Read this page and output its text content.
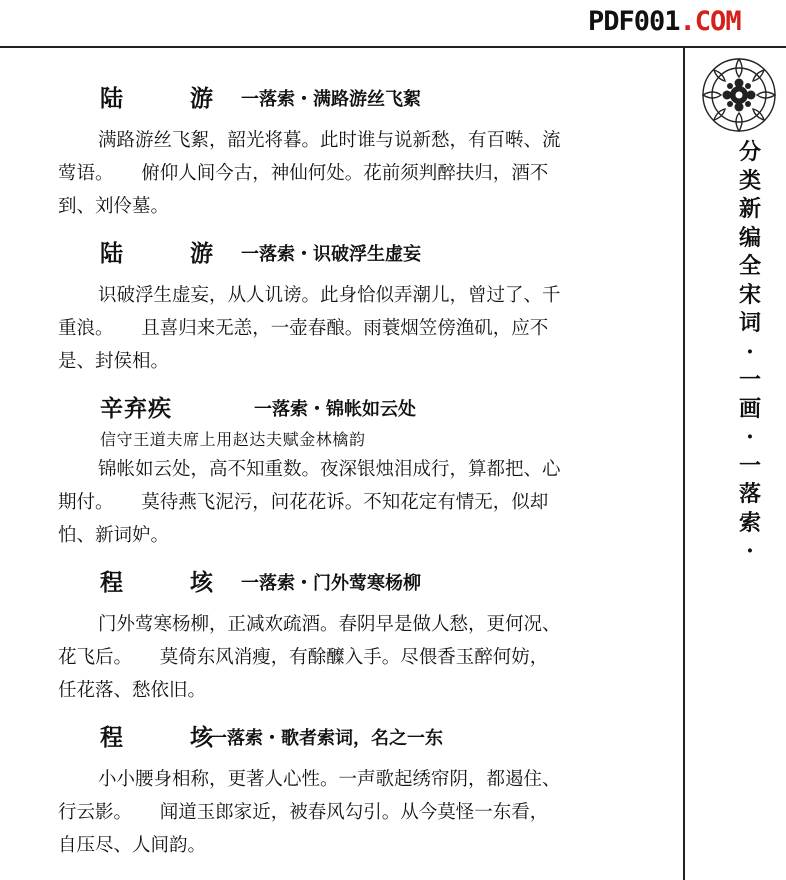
PDF001.COM
分
类
新
编
全
宋
词
·
一
画
·
一
落
索
·
陆　游 一落索・满路游丝飞絮
满路游丝飞絮，韶光将暮。此时谁与说新愁，有百啭、流
莺语。　　俯仰人间今古，神仙何处。花前须判醉扶归，酒不
到、刘伶墓。
陆　游 一落索・识破浮生虚妄
识破浮生虚妄，从人讥谤。此身恰似弄潮儿，曾过了、千
重浪。　　且喜归来无恙，一壶春酿。雨蓑烟笠傍渔矶，应不
是、封侯相。
辛弃疾	一落索・锦帐如云处
信守王道夫席上用赵达夫赋金林檎韵
锦帐如云处，高不知重数。夜深银烛泪成行，算都把、心
期付。　　莫待燕飞泥污，问花花诉。不知花定有情无，似却
怕、新词妒。
程　垓 一落索・门外莺寒杨柳
门外莺寒杨柳，正减欢疏酒。春阴早是做人愁，更何况、
花飞后。　　莫倚东风消瘦，有酴醾入手。尽偎香玉醉何妨，
任花落、愁依旧。
程　垓
一落索・歌者索词，名之一东
小小腰身相称，更著人心性。一声歌起绣帘阴，都遏住、
行云影。　　闻道玉郎家近，被春风勾引。从今莫怪一东看，
自压尽、人间韵。
